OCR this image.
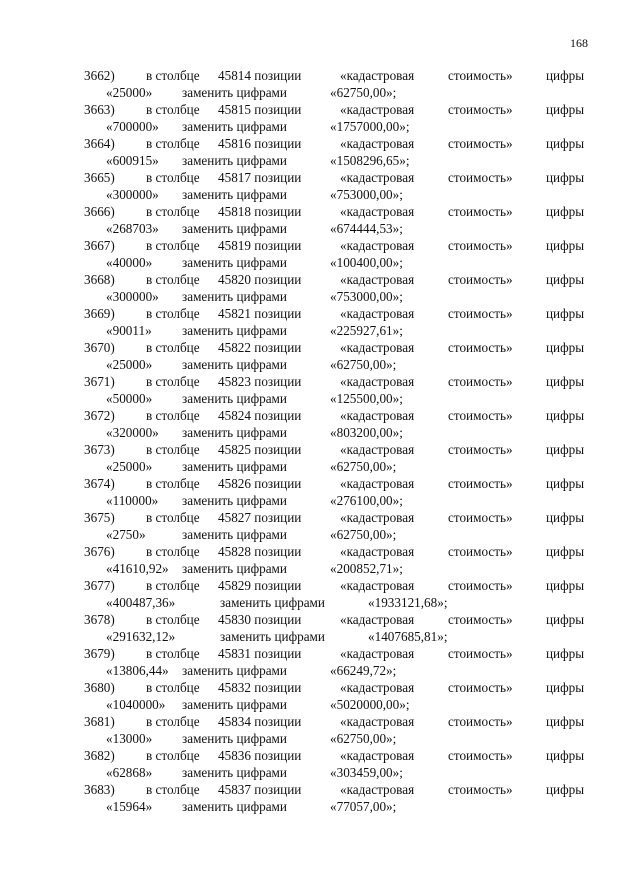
168
3662) в столбце 45814 позиции	«кадастровая	стоимость»	цифры
«25000» заменить цифрами	«62750,00»;
3663) в столбце 45815 позиции	«кадастровая	стоимость»	цифры
«700000» заменить цифрами	«1757000,00»;
3664) в столбце 45816 позиции	«кадастровая	стоимость»	цифры
«600915» заменить цифрами	«1508296,65»;
3665) в столбце 45817 позиции	«кадастровая	стоимость»	цифры
«300000» заменить цифрами	«753000,00»;
3666) в столбце 45818 позиции	«кадастровая	стоимость»	цифры
«268703» заменить цифрами	«674444,53»;
3667) в столбце 45819 позиции	«кадастровая	стоимость»	цифры
«40000» заменить цифрами	«100400,00»;
3668) в столбце 45820 позиции	«кадастровая	стоимость»	цифры
«300000» заменить цифрами	«753000,00»;
3669) в столбце 45821 позиции	«кадастровая	стоимость»	цифры
«90011» заменить цифрами	«225927,61»;
3670) в столбце 45822 позиции	«кадастровая	стоимость»	цифры
«25000» заменить цифрами	«62750,00»;
3671) в столбце 45823 позиции	«кадастровая	стоимость»	цифры
«50000» заменить цифрами	«125500,00»;
3672) в столбце 45824 позиции	«кадастровая	стоимость»	цифры
«320000» заменить цифрами	«803200,00»;
3673) в столбце 45825 позиции	«кадастровая	стоимость»	цифры
«25000» заменить цифрами	«62750,00»;
3674) в столбце 45826 позиции	«кадастровая	стоимость»	цифры
«110000» заменить цифрами	«276100,00»;
3675) в столбце 45827 позиции	«кадастровая	стоимость»	цифры
«2750»	заменить цифрами	«62750,00»;
3676) в столбце 45828 позиции	«кадастровая	стоимость»	цифры
«41610,92» заменить цифрами	«200852,71»;
3677) в столбце 45829 позиции	«кадастровая	стоимость»	цифры
«400487,36»	заменить цифрами	«1933121,68»;
3678) в столбце 45830 позиции	«кадастровая	стоимость»	цифры
«291632,12»	заменить цифрами	«1407685,81»;
3679) в столбце 45831 позиции	«кадастровая	стоимость»	цифры
«13806,44» заменить цифрами	«66249,72»;
3680) в столбце 45832 позиции	«кадастровая	стоимость»	цифры
«1040000» заменить цифрами	«5020000,00»;
3681) в столбце 45834 позиции	«кадастровая	стоимость»	цифры
«13000» заменить цифрами	«62750,00»;
3682) в столбце 45836 позиции	«кадастровая	стоимость»	цифры
«62868» заменить цифрами	«303459,00»;
3683) в столбце 45837 позиции	«кадастровая	стоимость»	цифры
«15964» заменить цифрами	«77057,00»;
